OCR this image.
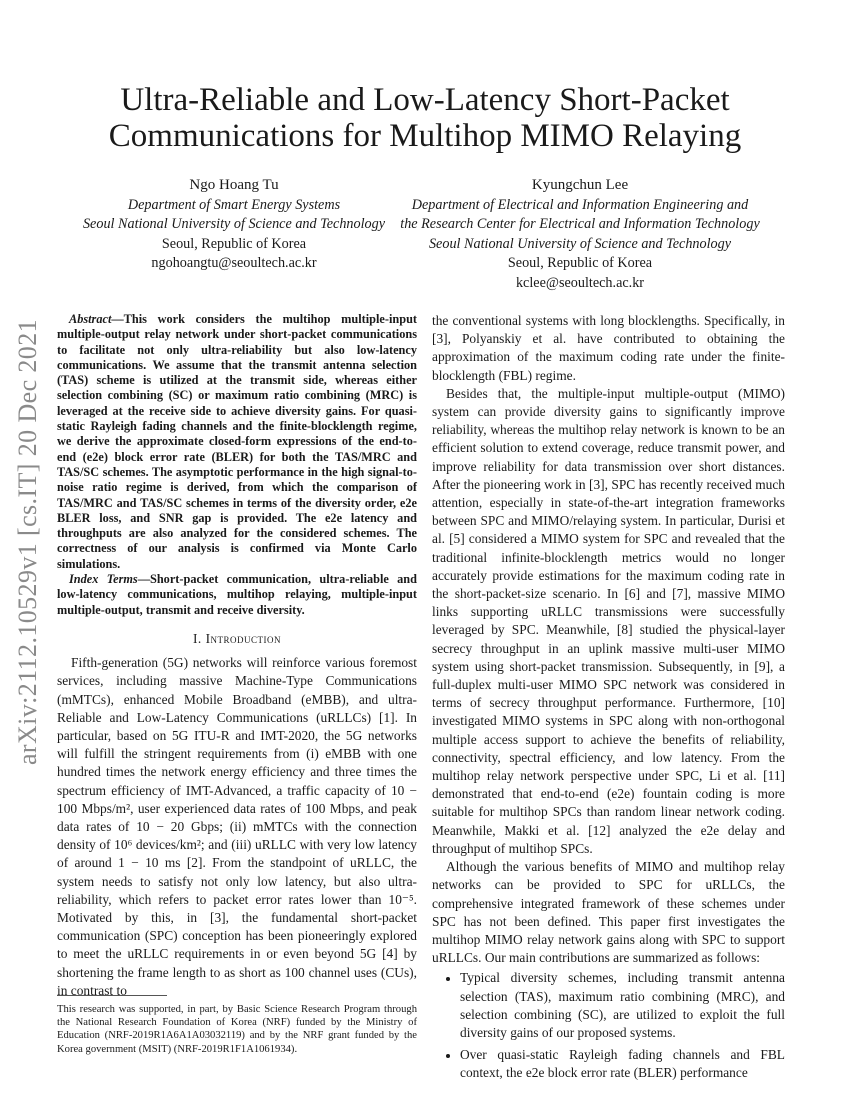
arXiv:2112.10529v1 [cs.IT] 20 Dec 2021
Ultra-Reliable and Low-Latency Short-Packet Communications for Multihop MIMO Relaying
Ngo Hoang Tu
Department of Smart Energy Systems
Seoul National University of Science and Technology
Seoul, Republic of Korea
ngohoangtu@seoultech.ac.kr
Kyungchun Lee
Department of Electrical and Information Engineering and
the Research Center for Electrical and Information Technology
Seoul National University of Science and Technology
Seoul, Republic of Korea
kclee@seoultech.ac.kr

Abstract—This work considers the multihop multiple-input multiple-output relay network under short-packet communications to facilitate not only ultra-reliability but also low-latency communications. We assume that the transmit antenna selection (TAS) scheme is utilized at the transmit side, whereas either selection combining (SC) or maximum ratio combining (MRC) is leveraged at the receive side to achieve diversity gains. For quasi-static Rayleigh fading channels and the finite-blocklength regime, we derive the approximate closed-form expressions of the end-to-end (e2e) block error rate (BLER) for both the TAS/MRC and TAS/SC schemes. The asymptotic performance in the high signal-to-noise ratio regime is derived, from which the comparison of TAS/MRC and TAS/SC schemes in terms of the diversity order, e2e BLER loss, and SNR gap is provided. The e2e latency and throughputs are also analyzed for the considered schemes. The correctness of our analysis is confirmed via Monte Carlo simulations.

Index Terms—Short-packet communication, ultra-reliable and low-latency communications, multihop relaying, multiple-input multiple-output, transmit and receive diversity.

I. Introduction

Fifth-generation (5G) networks will reinforce various foremost services, including massive Machine-Type Communications (mMTCs), enhanced Mobile Broadband (eMBB), and ultra-Reliable and Low-Latency Communications (uRLLCs) [1]. In particular, based on 5G ITU-R and IMT-2020, the 5G networks will fulfill the stringent requirements from (i) eMBB with one hundred times the network energy efficiency and three times the spectrum efficiency of IMT-Advanced, a traffic capacity of 10 − 100 Mbps/m², user experienced data rates of 100 Mbps, and peak data rates of 10 − 20 Gbps; (ii) mMTCs with the connection density of 10⁶ devices/km²; and (iii) uRLLC with very low latency of around 1 − 10 ms [2]. From the standpoint of uRLLC, the system needs to satisfy not only low latency, but also ultra-reliability, which refers to packet error rates lower than 10⁻⁵. Motivated by this, in [3], the fundamental short-packet communication (SPC) conception has been pioneeringly explored to meet the uRLLC requirements in or even beyond 5G [4] by shortening the frame length to as short as 100 channel uses (CUs), in contrast to

This research was supported, in part, by Basic Science Research Program through the National Research Foundation of Korea (NRF) funded by the Ministry of Education (NRF-2019R1A6A1A03032119) and by the NRF grant funded by the Korea government (MSIT) (NRF-2019R1F1A1061934).

the conventional systems with long blocklengths. Specifically, in [3], Polyanskiy et al. have contributed to obtaining the approximation of the maximum coding rate under the finite-blocklength (FBL) regime.

Besides that, the multiple-input multiple-output (MIMO) system can provide diversity gains to significantly improve reliability, whereas the multihop relay network is known to be an efficient solution to extend coverage, reduce transmit power, and improve reliability for data transmission over short distances. After the pioneering work in [3], SPC has recently received much attention, especially in state-of-the-art integration frameworks between SPC and MIMO/relaying system. In particular, Durisi et al. [5] considered a MIMO system for SPC and revealed that the traditional infinite-blocklength metrics would no longer accurately provide estimations for the maximum coding rate in the short-packet-size scenario. In [6] and [7], massive MIMO links supporting uRLLC transmissions were successfully leveraged by SPC. Meanwhile, [8] studied the physical-layer secrecy throughput in an uplink massive multi-user MIMO system using short-packet transmission. Subsequently, in [9], a full-duplex multi-user MIMO SPC network was considered in terms of secrecy throughput performance. Furthermore, [10] investigated MIMO systems in SPC along with non-orthogonal multiple access support to achieve the benefits of reliability, connectivity, spectral efficiency, and low latency. From the multihop relay network perspective under SPC, Li et al. [11] demonstrated that end-to-end (e2e) fountain coding is more suitable for multihop SPCs than random linear network coding. Meanwhile, Makki et al. [12] analyzed the e2e delay and throughput of multihop SPCs.

Although the various benefits of MIMO and multihop relay networks can be provided to SPC for uRLLCs, the comprehensive integrated framework of these schemes under SPC has not been defined. This paper first investigates the multihop MIMO relay network gains along with SPC to support uRLLCs. Our main contributions are summarized as follows:

• Typical diversity schemes, including transmit antenna selection (TAS), maximum ratio combining (MRC), and selection combining (SC), are utilized to exploit the full diversity gains of our proposed systems.
• Over quasi-static Rayleigh fading channels and FBL context, the e2e block error rate (BLER) performance
